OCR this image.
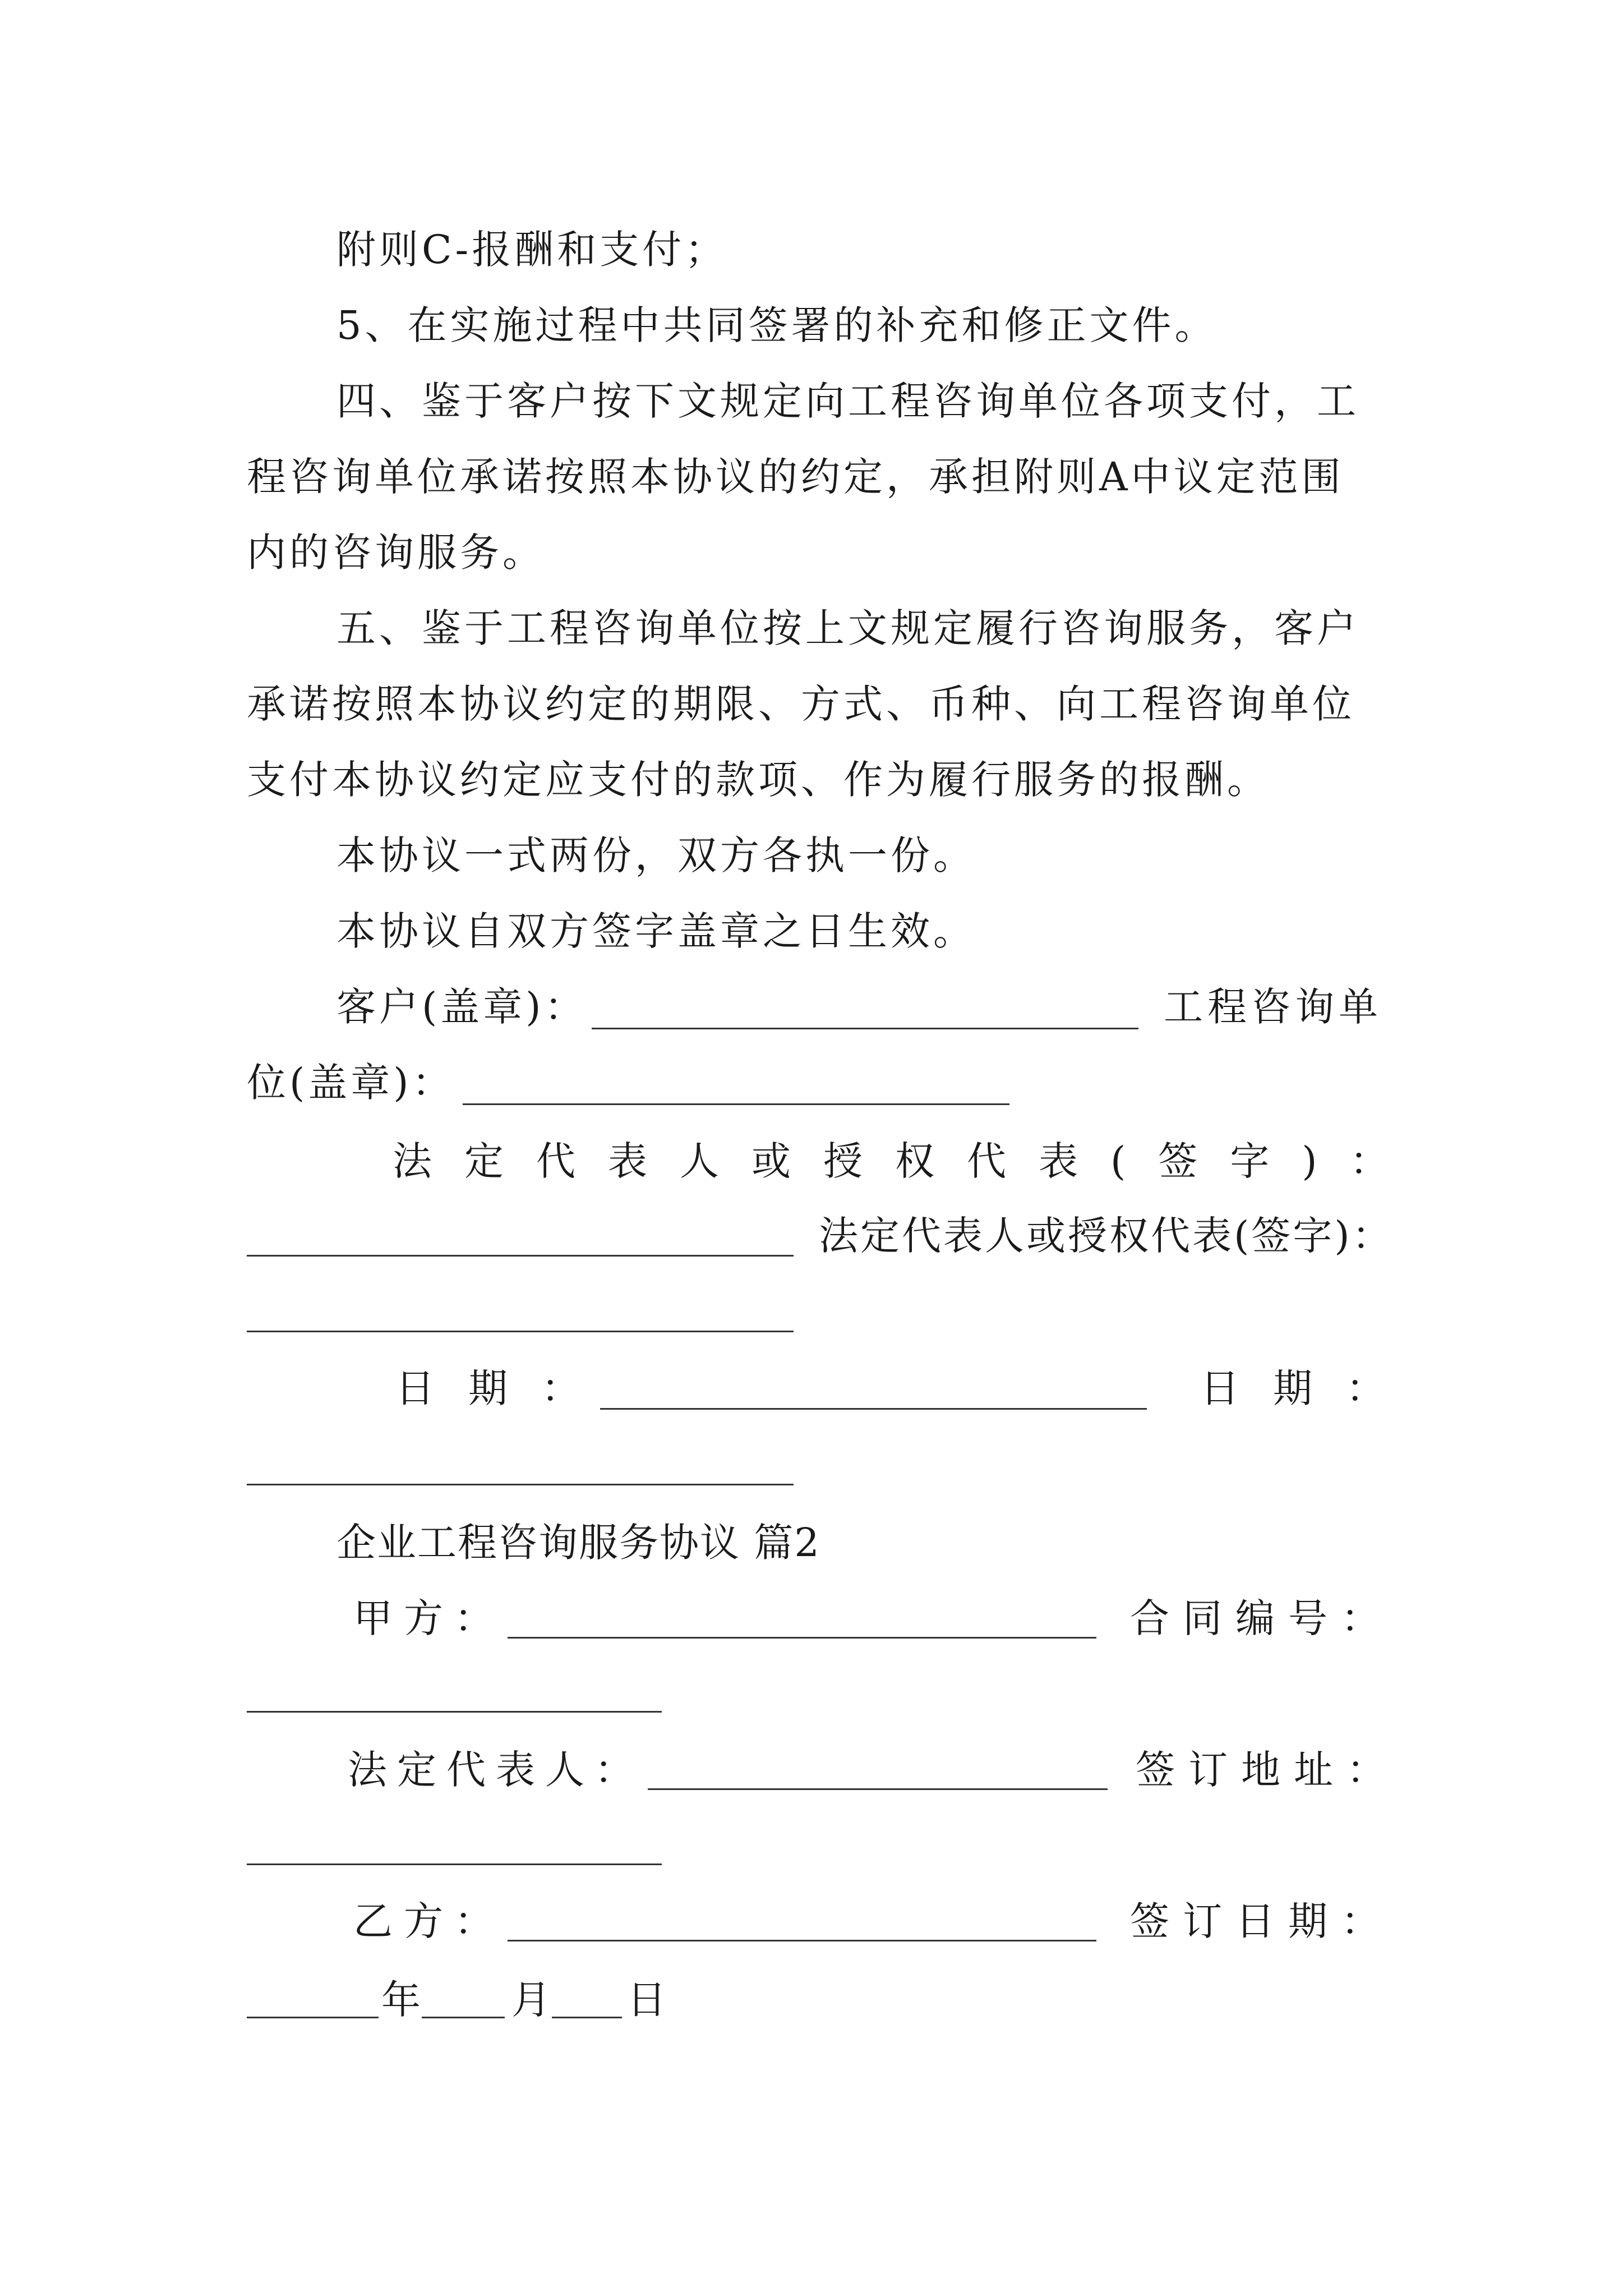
附则C-报酬和支付；
5、在实施过程中共同签署的补充和修正文件。
四、鉴于客户按下文规定向工程咨询单位各项支付，工
程咨询单位承诺按照本协议的约定，承担附则A中议定范围
内的咨询服务。
五、鉴于工程咨询单位按上文规定履行咨询服务，客户
承诺按照本协议约定的期限、方式、币种、向工程咨询单位
支付本协议约定应支付的款项、作为履行服务的报酬。
本协议一式两份，双方各执一份。
本协议自双方签字盖章之日生效。
客户(盖章)：	工程咨询单
位(盖章)：
法定代表人或授权代表(签字)：
法定代表人或授权代表(签字)：
日期：	日期：
企业工程咨询服务协议 篇2
甲方：	合同编号：
法定代表人：	签订地址：
乙方：	签订日期：
年 月 日
